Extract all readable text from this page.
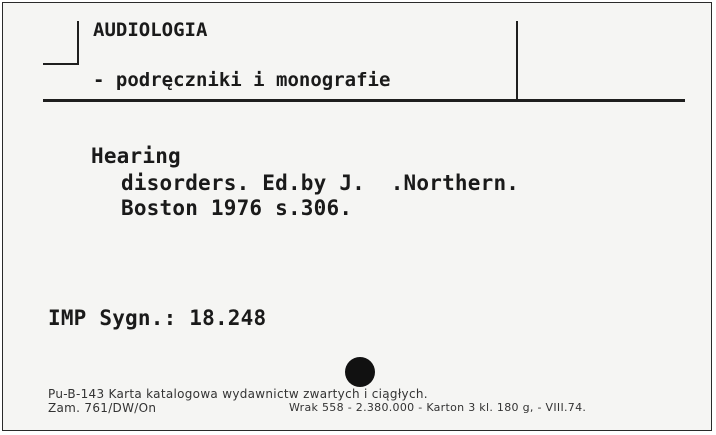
AUDIOLOGIA
- podręczniki i monografie
Hearing
disorders. Ed.by J.  .Northern.
Boston 1976 s.306.
IMP Sygn.: 18.248
Pu-B-143 Karta katalogowa wydawnictw zwartych i ciągłych.
Zam. 761/DW/On	Wrak 558 - 2.380.000 - Karton 3 kl. 180 g, - VIII.74.
